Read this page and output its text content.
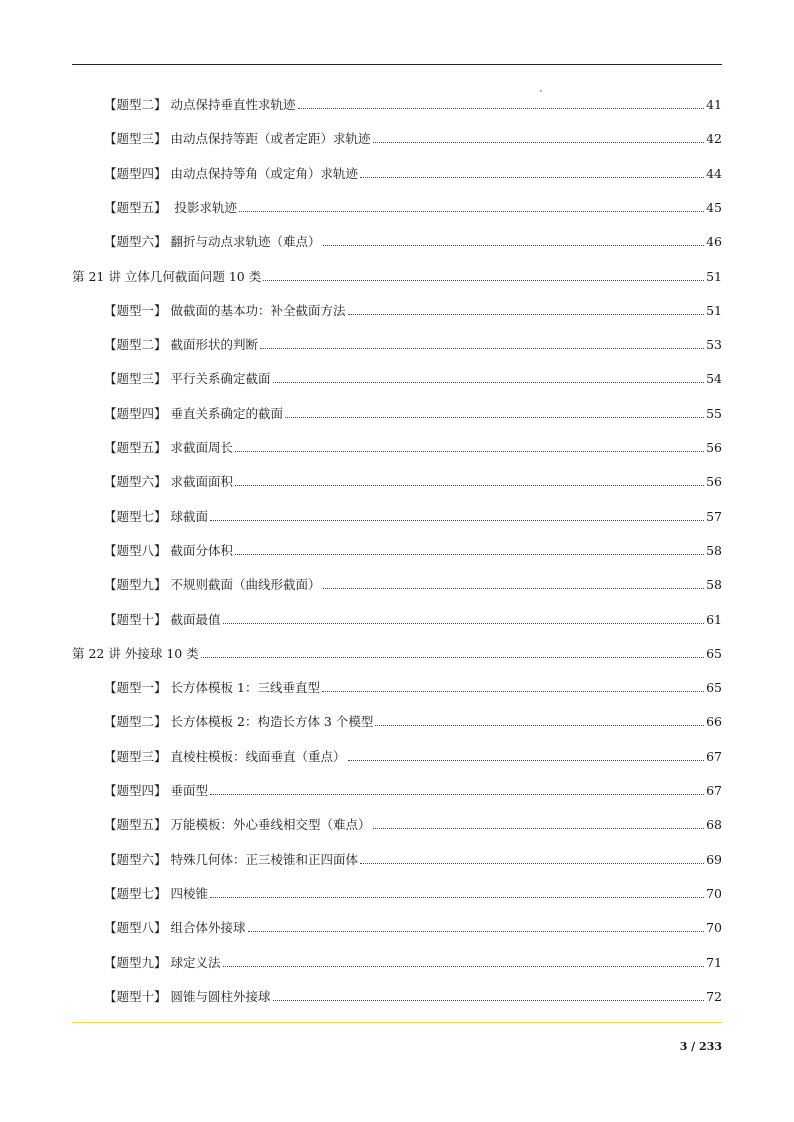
【题型二】 动点保持垂直性求轨迹	41
【题型三】 由动点保持等距（或者定距）求轨迹	42
【题型四】 由动点保持等角（或定角）求轨迹	44
【题型五】 投影求轨迹	45
【题型六】 翻折与动点求轨迹（难点）	46
第 21 讲 立体几何截面问题 10 类	51
【题型一】 做截面的基本功：补全截面方法	51
【题型二】 截面形状的判断	53
【题型三】 平行关系确定截面	54
【题型四】 垂直关系确定的截面	55
【题型五】 求截面周长	56
【题型六】 求截面面积	56
【题型七】 球截面	57
【题型八】 截面分体积	58
【题型九】 不规则截面（曲线形截面）	58
【题型十】 截面最值	61
第 22 讲 外接球 10 类	65
【题型一】 长方体模板 1：三线垂直型	65
【题型二】 长方体模板 2：构造长方体 3 个模型	66
【题型三】 直棱柱模板：线面垂直（重点）	67
【题型四】 垂面型	67
【题型五】 万能模板：外心垂线相交型（难点）	68
【题型六】 特殊几何体：正三棱锥和正四面体	69
【题型七】 四棱锥	70
【题型八】 组合体外接球	70
【题型九】 球定义法	71
【题型十】 圆锥与圆柱外接球	72
3 / 233
